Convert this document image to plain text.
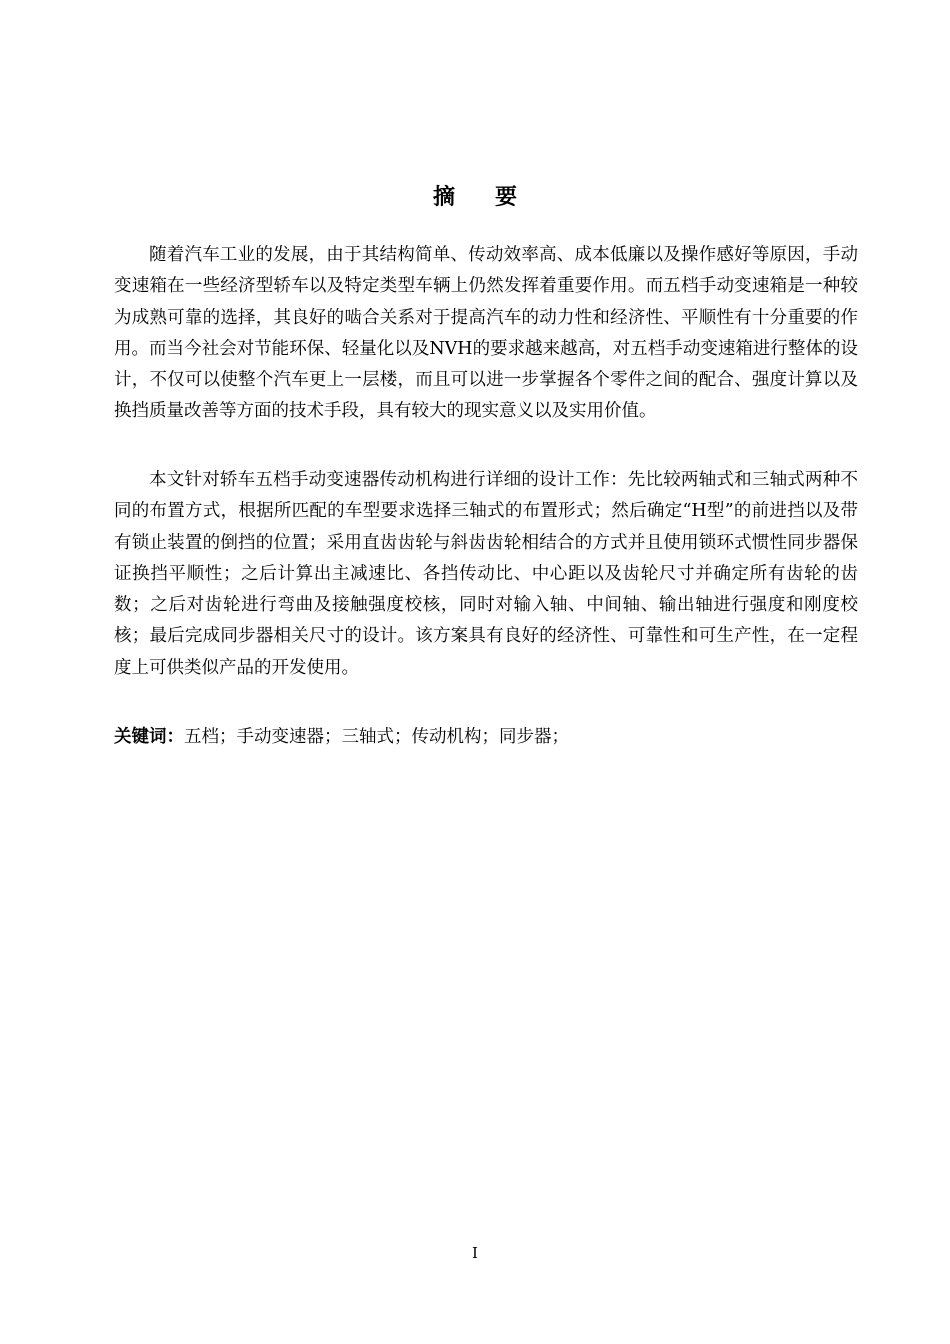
摘要

随着汽车工业的发展，由于其结构简单、传动效率高、成本低廉以及操作感好等原因，手动变速箱在一些经济型轿车以及特定类型车辆上仍然发挥着重要作用。而五档手动变速箱是一种较为成熟可靠的选择，其良好的啮合关系对于提高汽车的动力性和经济性、平顺性有十分重要的作用。而当今社会对节能环保、轻量化以及NVH的要求越来越高，对五档手动变速箱进行整体的设计，不仅可以使整个汽车更上一层楼，而且可以进一步掌握各个零件之间的配合、强度计算以及换挡质量改善等方面的技术手段，具有较大的现实意义以及实用价值。

本文针对轿车五档手动变速器传动机构进行详细的设计工作：先比较两轴式和三轴式两种不同的布置方式，根据所匹配的车型要求选择三轴式的布置形式；然后确定“H型”的前进挡以及带有锁止装置的倒挡的位置；采用直齿齿轮与斜齿齿轮相结合的方式并且使用锁环式惯性同步器保证换挡平顺性；之后计算出主减速比、各挡传动比、中心距以及齿轮尺寸并确定所有齿轮的齿数；之后对齿轮进行弯曲及接触强度校核，同时对输入轴、中间轴、输出轴进行强度和刚度校核；最后完成同步器相关尺寸的设计。该方案具有良好的经济性、可靠性和可生产性，在一定程度上可供类似产品的开发使用。

关键词：五档；手动变速器；三轴式；传动机构；同步器；
I
